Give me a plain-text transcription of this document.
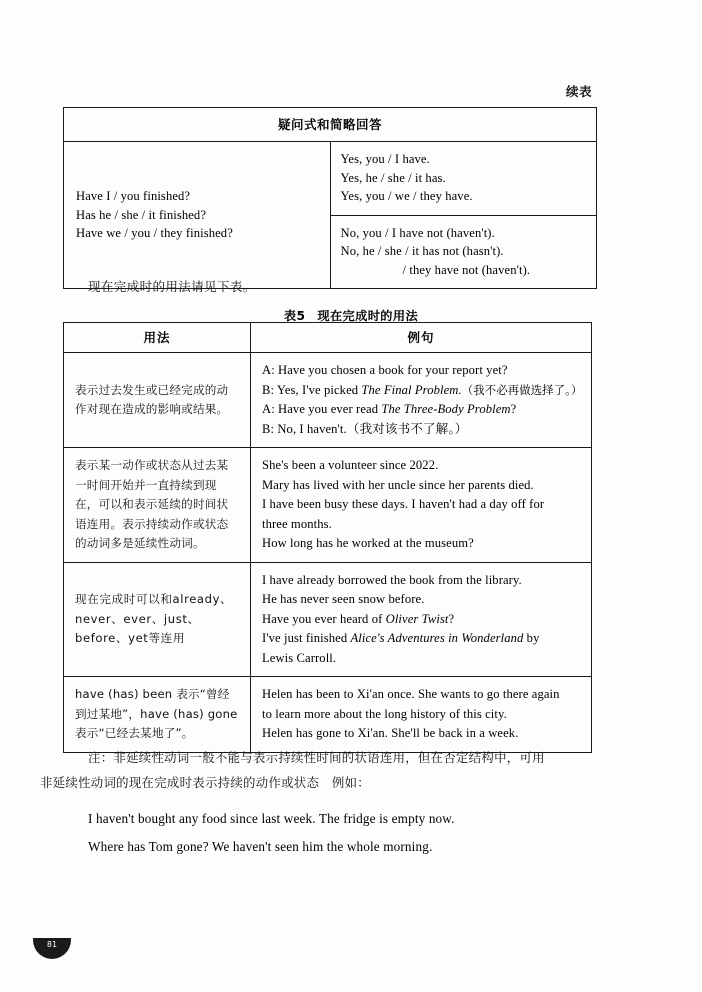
续表
疑问式和简略回答

Have I / you finished?
Has he / she / it finished?
Have we / you / they finished?

Yes, you / I have.
Yes, he / she / it has.
Yes, you / we / they have.

No, you / I have not (haven't).
No, he / she / it has not (hasn't).
/ they have not (haven't).
现在完成时的用法请见下表。
表5 现在完成时的用法
用法	例句
表示过去发生或已经完成的动作对现在造成的影响或结果。	A: Have you chosen a book for your report yet?
B: Yes, I've picked The Final Problem.（我不必再做选择了。）
A: Have you ever read The Three-Body Problem?
B: No, I haven't.（我对该书不了解。）

表示某一动作或状态从过去某一时间开始并一直持续到现在，可以和表示延续的时间状语连用。表示持续动作或状态的动词多是延续性动词。	She's been a volunteer since 2022.
Mary has lived with her uncle since her parents died.
I have been busy these days. I haven't had a day off for
three months.
How long has he worked at the museum?

现在完成时可以和already、never、ever、just、before、yet等连用	I have already borrowed the book from the library.
He has never seen snow before.
Have you ever heard of Oliver Twist?
I've just finished Alice's Adventures in Wonderland by
Lewis Carroll.

have (has) been 表示“曾经到过某地”，have (has) gone 表示“已经去某地了”。	Helen has been to Xi'an once. She wants to go there again
to learn more about the long history of this city.
Helen has gone to Xi'an. She'll be back in a week.
注：非延续性动词一般不能与表示持续性时间的状语连用，但在否定结构中，可用
非延续性动词的现在完成时表示持续的动作或状态　例如：
I haven't bought any food since last week. The fridge is empty now.
Where has Tom gone? We haven't seen him the whole morning.
81
